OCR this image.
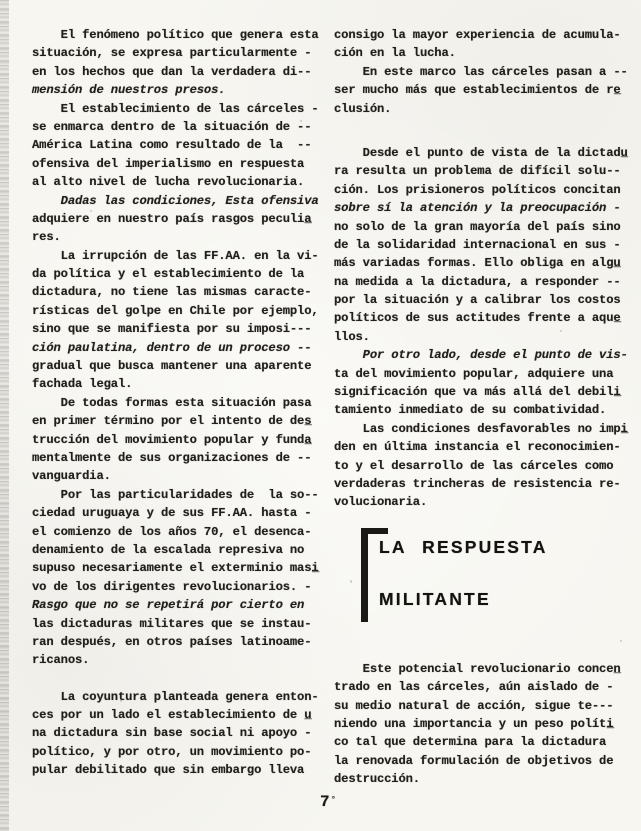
El fenómeno político que genera esta
situación, se expresa particularmente -
en los hechos que dan la verdadera di--
mensión de nuestros presos.
El establecimiento de las cárceles -
se enmarca dentro de la situación de --
América Latina como resultado de la  --
ofensiva del imperialismo en respuesta
al alto nivel de lucha revolucionaria.
Dadas las condiciones, Esta ofensiva
adquiere en nuestro país rasgos peculia̲
res.
La irrupción de las FF.AA. en la vi-
da política y el establecimiento de la
dictadura, no tiene las mismas caracte-
rísticas del golpe en Chile por ejemplo,
sino que se manifiesta por su imposi---
ción paulatina, dentro de un proceso --
gradual que busca mantener una aparente
fachada legal.
De todas formas esta situación pasa
en primer término por el intento de des̲
trucción del movimiento popular y funda̲
mentalmente de sus organizaciones de --
vanguardia.
Por las particularidades de  la so--
ciedad uruguaya y de sus FF.AA. hasta -
el comienzo de los años 70, el desenca-
denamiento de la escalada represiva no
supuso necesariamente el exterminio masi̲
vo de los dirigentes revolucionarios. -
Rasgo que no se repetirá por cierto en
las dictaduras militares que se instau-
ran después, en otros países latinoame-
ricanos.
La coyuntura planteada genera enton-
ces por un lado el establecimiento de u̲
na dictadura sin base social ni apoyo -
político, y por otro, un movimiento po-
pular debilitado que sin embargo lleva
consigo la mayor experiencia de acumula-
ción en la lucha.
En este marco las cárceles pasan a --
ser mucho más que establecimientos de re̲
clusión.
Desde el punto de vista de la dictadu̲
ra resulta un problema de difícil solu--
ción. Los prisioneros políticos concitan
sobre sí la atención y la preocupación -
no solo de la gran mayoría del país sino
de la solidaridad internacional en sus -
más variadas formas. Ello obliga en algu̲
na medida a la dictadura, a responder --
por la situación y a calibrar los costos
políticos de sus actitudes frente a aque̲
llos.
Por otro lado, desde el punto de vis-
ta del movimiento popular, adquiere una
significación que va más allá del debili̲
tamiento inmediato de su combatividad.
Las condiciones desfavorables no impi̲
den en última instancia el reconocimien-
to y el desarrollo de las cárceles como
verdaderas trincheras de resistencia re-
volucionaria.
LA RESPUESTA
MILITANTE
Este potencial revolucionario concen̲
trado en las cárceles, aún aislado de -
su medio natural de acción, sigue te---
niendo una importancia y un peso políti̲
co tal que determina para la dictadura
la renovada formulación de objetivos de
destrucción.
7°
